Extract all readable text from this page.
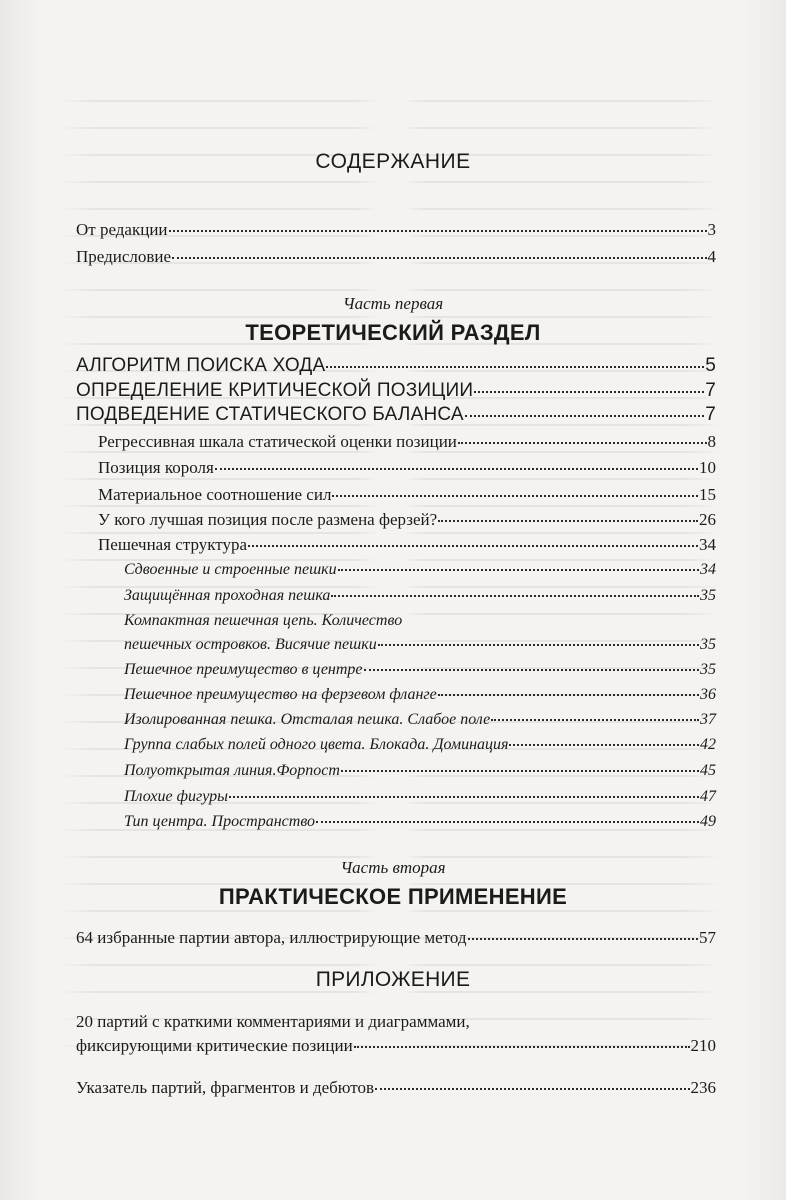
СОДЕРЖАНИЕ
От редакции	3
Предисловие	4
Часть первая
ТЕОРЕТИЧЕСКИЙ РАЗДЕЛ
АЛГОРИТМ ПОИСКА ХОДА	5
ОПРЕДЕЛЕНИЕ КРИТИЧЕСКОЙ ПОЗИЦИИ	7
ПОДВЕДЕНИЕ СТАТИЧЕСКОГО БАЛАНСА	7
Регрессивная шкала статической оценки позиции	8
Позиция короля	10
Материальное соотношение сил	15
У кого лучшая позиция после размена ферзей?	26
Пешечная структура	34
Сдвоенные и строенные пешки	34
Защищённая проходная пешка	35
Компактная пешечная цепь. Количество
пешечных островков. Висячие пешки	35
Пешечное преимущество в центре	35
Пешечное преимущество на ферзевом фланге	36
Изолированная пешка. Отсталая пешка. Слабое поле	37
Группа слабых полей одного цвета. Блокада. Доминация	42
Полуоткрытая линия.Форпост	45
Плохие фигуры	47
Тип центра. Пространство	49
Часть вторая
ПРАКТИЧЕСКОЕ ПРИМЕНЕНИЕ
64 избранные партии автора, иллюстрирующие метод	57
ПРИЛОЖЕНИЕ
20 партий с краткими комментариями и диаграммами,
фиксирующими критические позиции	210
Указатель партий, фрагментов и дебютов	236
